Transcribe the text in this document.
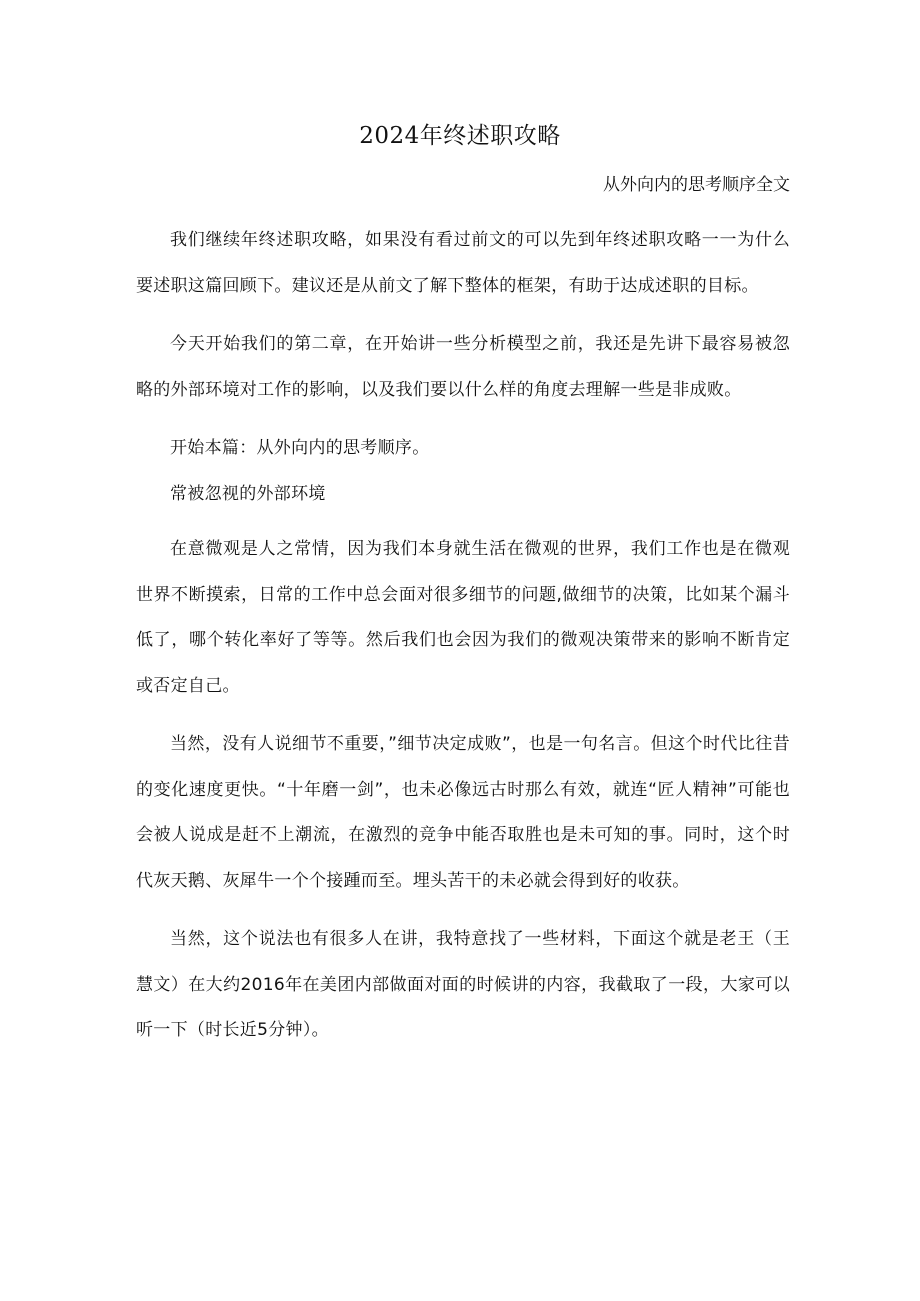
2024年终述职攻略
从外向内的思考顺序全文

我们继续年终述职攻略，如果没有看过前文的可以先到年终述职攻略一一为什么要述职这篇回顾下。建议还是从前文了解下整体的框架，有助于达成述职的目标。

今天开始我们的第二章，在开始讲一些分析模型之前，我还是先讲下最容易被忽略的外部环境对工作的影响，以及我们要以什么样的角度去理解一些是非成败。

开始本篇：从外向内的思考顺序。

常被忽视的外部环境

在意微观是人之常情，因为我们本身就生活在微观的世界，我们工作也是在微观世界不断摸索，日常的工作中总会面对很多细节的问题,做细节的决策，比如某个漏斗低了，哪个转化率好了等等。然后我们也会因为我们的微观决策带来的影响不断肯定或否定自己。

当然，没有人说细节不重要，”细节决定成败”，也是一句名言。但这个时代比往昔的变化速度更快。“十年磨一剑”，也未必像远古时那么有效，就连“匠人精神”可能也会被人说成是赶不上潮流，在激烈的竞争中能否取胜也是未可知的事。同时，这个时代灰天鹅、灰犀牛一个个接踵而至。埋头苦干的未必就会得到好的收获。

当然，这个说法也有很多人在讲，我特意找了一些材料，下面这个就是老王（王慧文）在大约2016年在美团内部做面对面的时候讲的内容，我截取了一段，大家可以听一下（时长近5分钟）。
